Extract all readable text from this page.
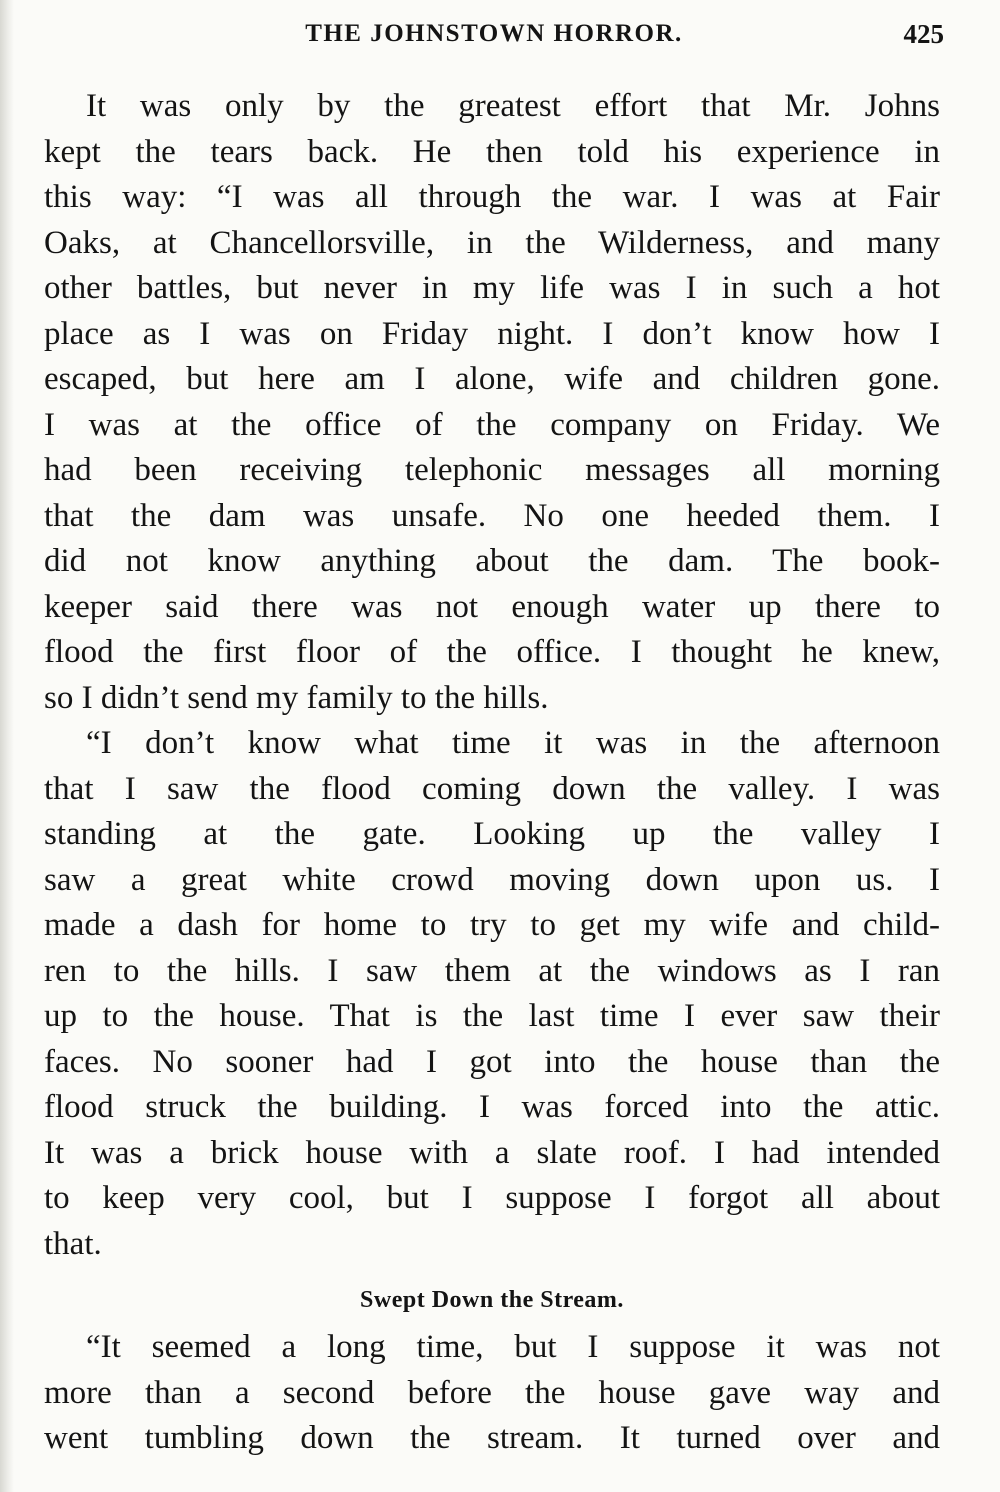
THE JOHNSTOWN HORROR.	425

It was only by the greatest effort that Mr. Johns
kept the tears back. He then told his experience in
this way: “I was all through the war. I was at Fair
Oaks, at Chancellorsville, in the Wilderness, and many
other battles, but never in my life was I in such a hot
place as I was on Friday night. I don’t know how I
escaped, but here am I alone, wife and children gone.
I was at the office of the company on Friday. We
had been receiving telephonic messages all morning
that the dam was unsafe. No one heeded them. I
did not know anything about the dam. The book-
keeper said there was not enough water up there to
flood the first floor of the office. I thought he knew,
so I didn’t send my family to the hills.

“I don’t know what time it was in the afternoon
that I saw the flood coming down the valley. I was
standing at the gate. Looking up the valley I
saw a great white crowd moving down upon us. I
made a dash for home to try to get my wife and child-
ren to the hills. I saw them at the windows as I ran
up to the house. That is the last time I ever saw their
faces. No sooner had I got into the house than the
flood struck the building. I was forced into the attic.
It was a brick house with a slate roof. I had intended
to keep very cool, but I suppose I forgot all about
that.

Swept Down the Stream.

“It seemed a long time, but I suppose it was not
more than a second before the house gave way and
went tumbling down the stream. It turned over and
